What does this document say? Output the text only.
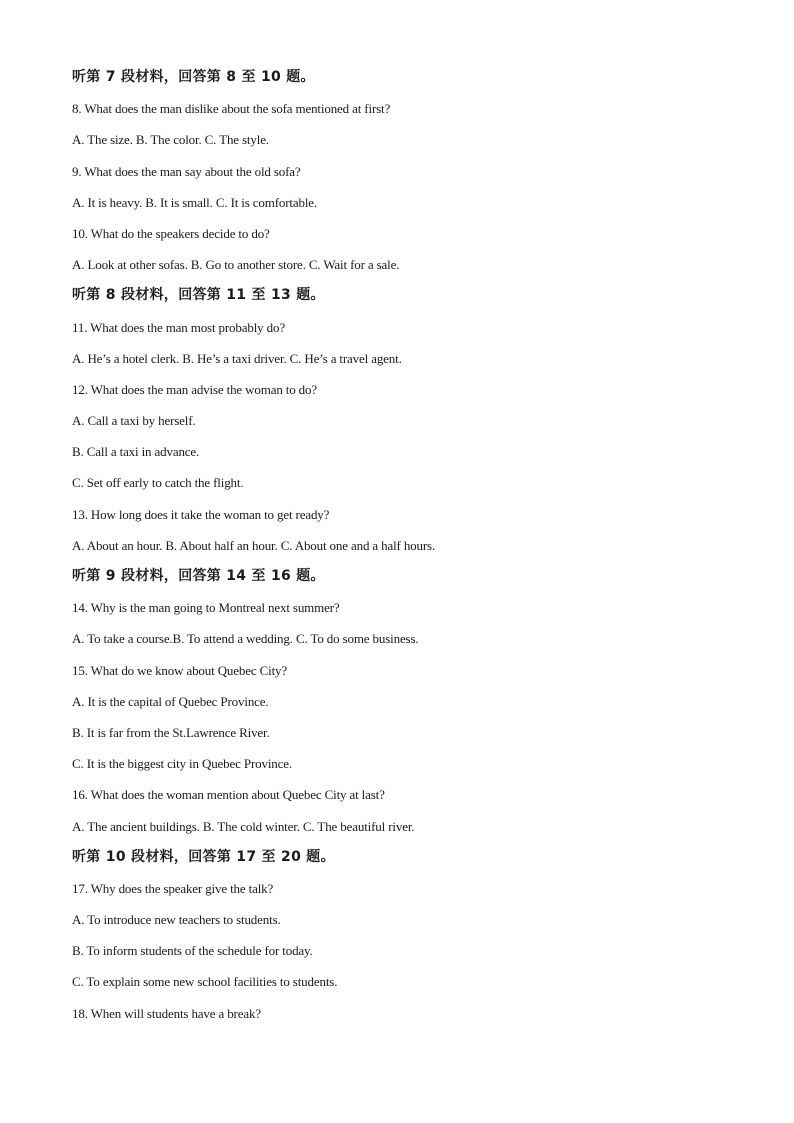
听第 7 段材料，回答第 8 至 10 题。
8. What does the man dislike about the sofa mentioned at first?
A. The size. B. The color. C. The style.
9. What does the man say about the old sofa?
A. It is heavy. B. It is small. C. It is comfortable.
10. What do the speakers decide to do?
A. Look at other sofas. B. Go to another store. C. Wait for a sale.
听第 8 段材料，回答第 11 至 13 题。
11. What does the man most probably do?
A. He’s a hotel clerk. B. He’s a taxi driver. C. He’s a travel agent.
12. What does the man advise the woman to do?
A. Call a taxi by herself.
B. Call a taxi in advance.
C. Set off early to catch the flight.
13. How long does it take the woman to get ready?
A. About an hour. B. About half an hour. C. About one and a half hours.
听第 9 段材料，回答第 14 至 16 题。
14. Why is the man going to Montreal next summer?
A. To take a course.B. To attend a wedding. C. To do some business.
15. What do we know about Quebec City?
A. It is the capital of Quebec Province.
B. It is far from the St.Lawrence River.
C. It is the biggest city in Quebec Province.
16. What does the woman mention about Quebec City at last?
A. The ancient buildings. B. The cold winter. C. The beautiful river.
听第 10 段材料，回答第 17 至 20 题。
17. Why does the speaker give the talk?
A. To introduce new teachers to students.
B. To inform students of the schedule for today.
C. To explain some new school facilities to students.
18. When will students have a break?
